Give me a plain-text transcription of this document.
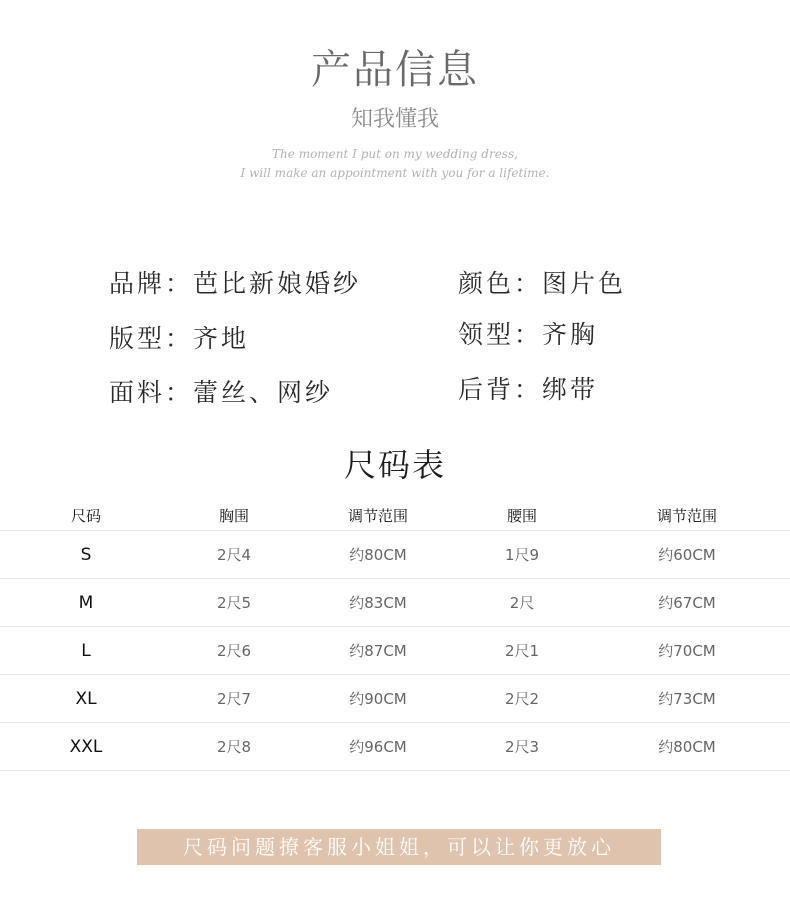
产品信息
知我懂我
The moment I put on my wedding dress,
I will make an appointment with you for a lifetime.
品牌：芭比新娘婚纱	颜色：图片色
版型：齐地	领型：齐胸
面料：蕾丝、网纱	后背：绑带
尺码表
尺码	胸围	调节范围	腰围	调节范围
S	2尺4	约80CM	1尺9	约60CM
M	2尺5	约83CM	2尺	约67CM
L	2尺6	约87CM	2尺1	约70CM
XL	2尺7	约90CM	2尺2	约73CM
XXL	2尺8	约96CM	2尺3	约80CM
尺码问题撩客服小姐姐，可以让你更放心
